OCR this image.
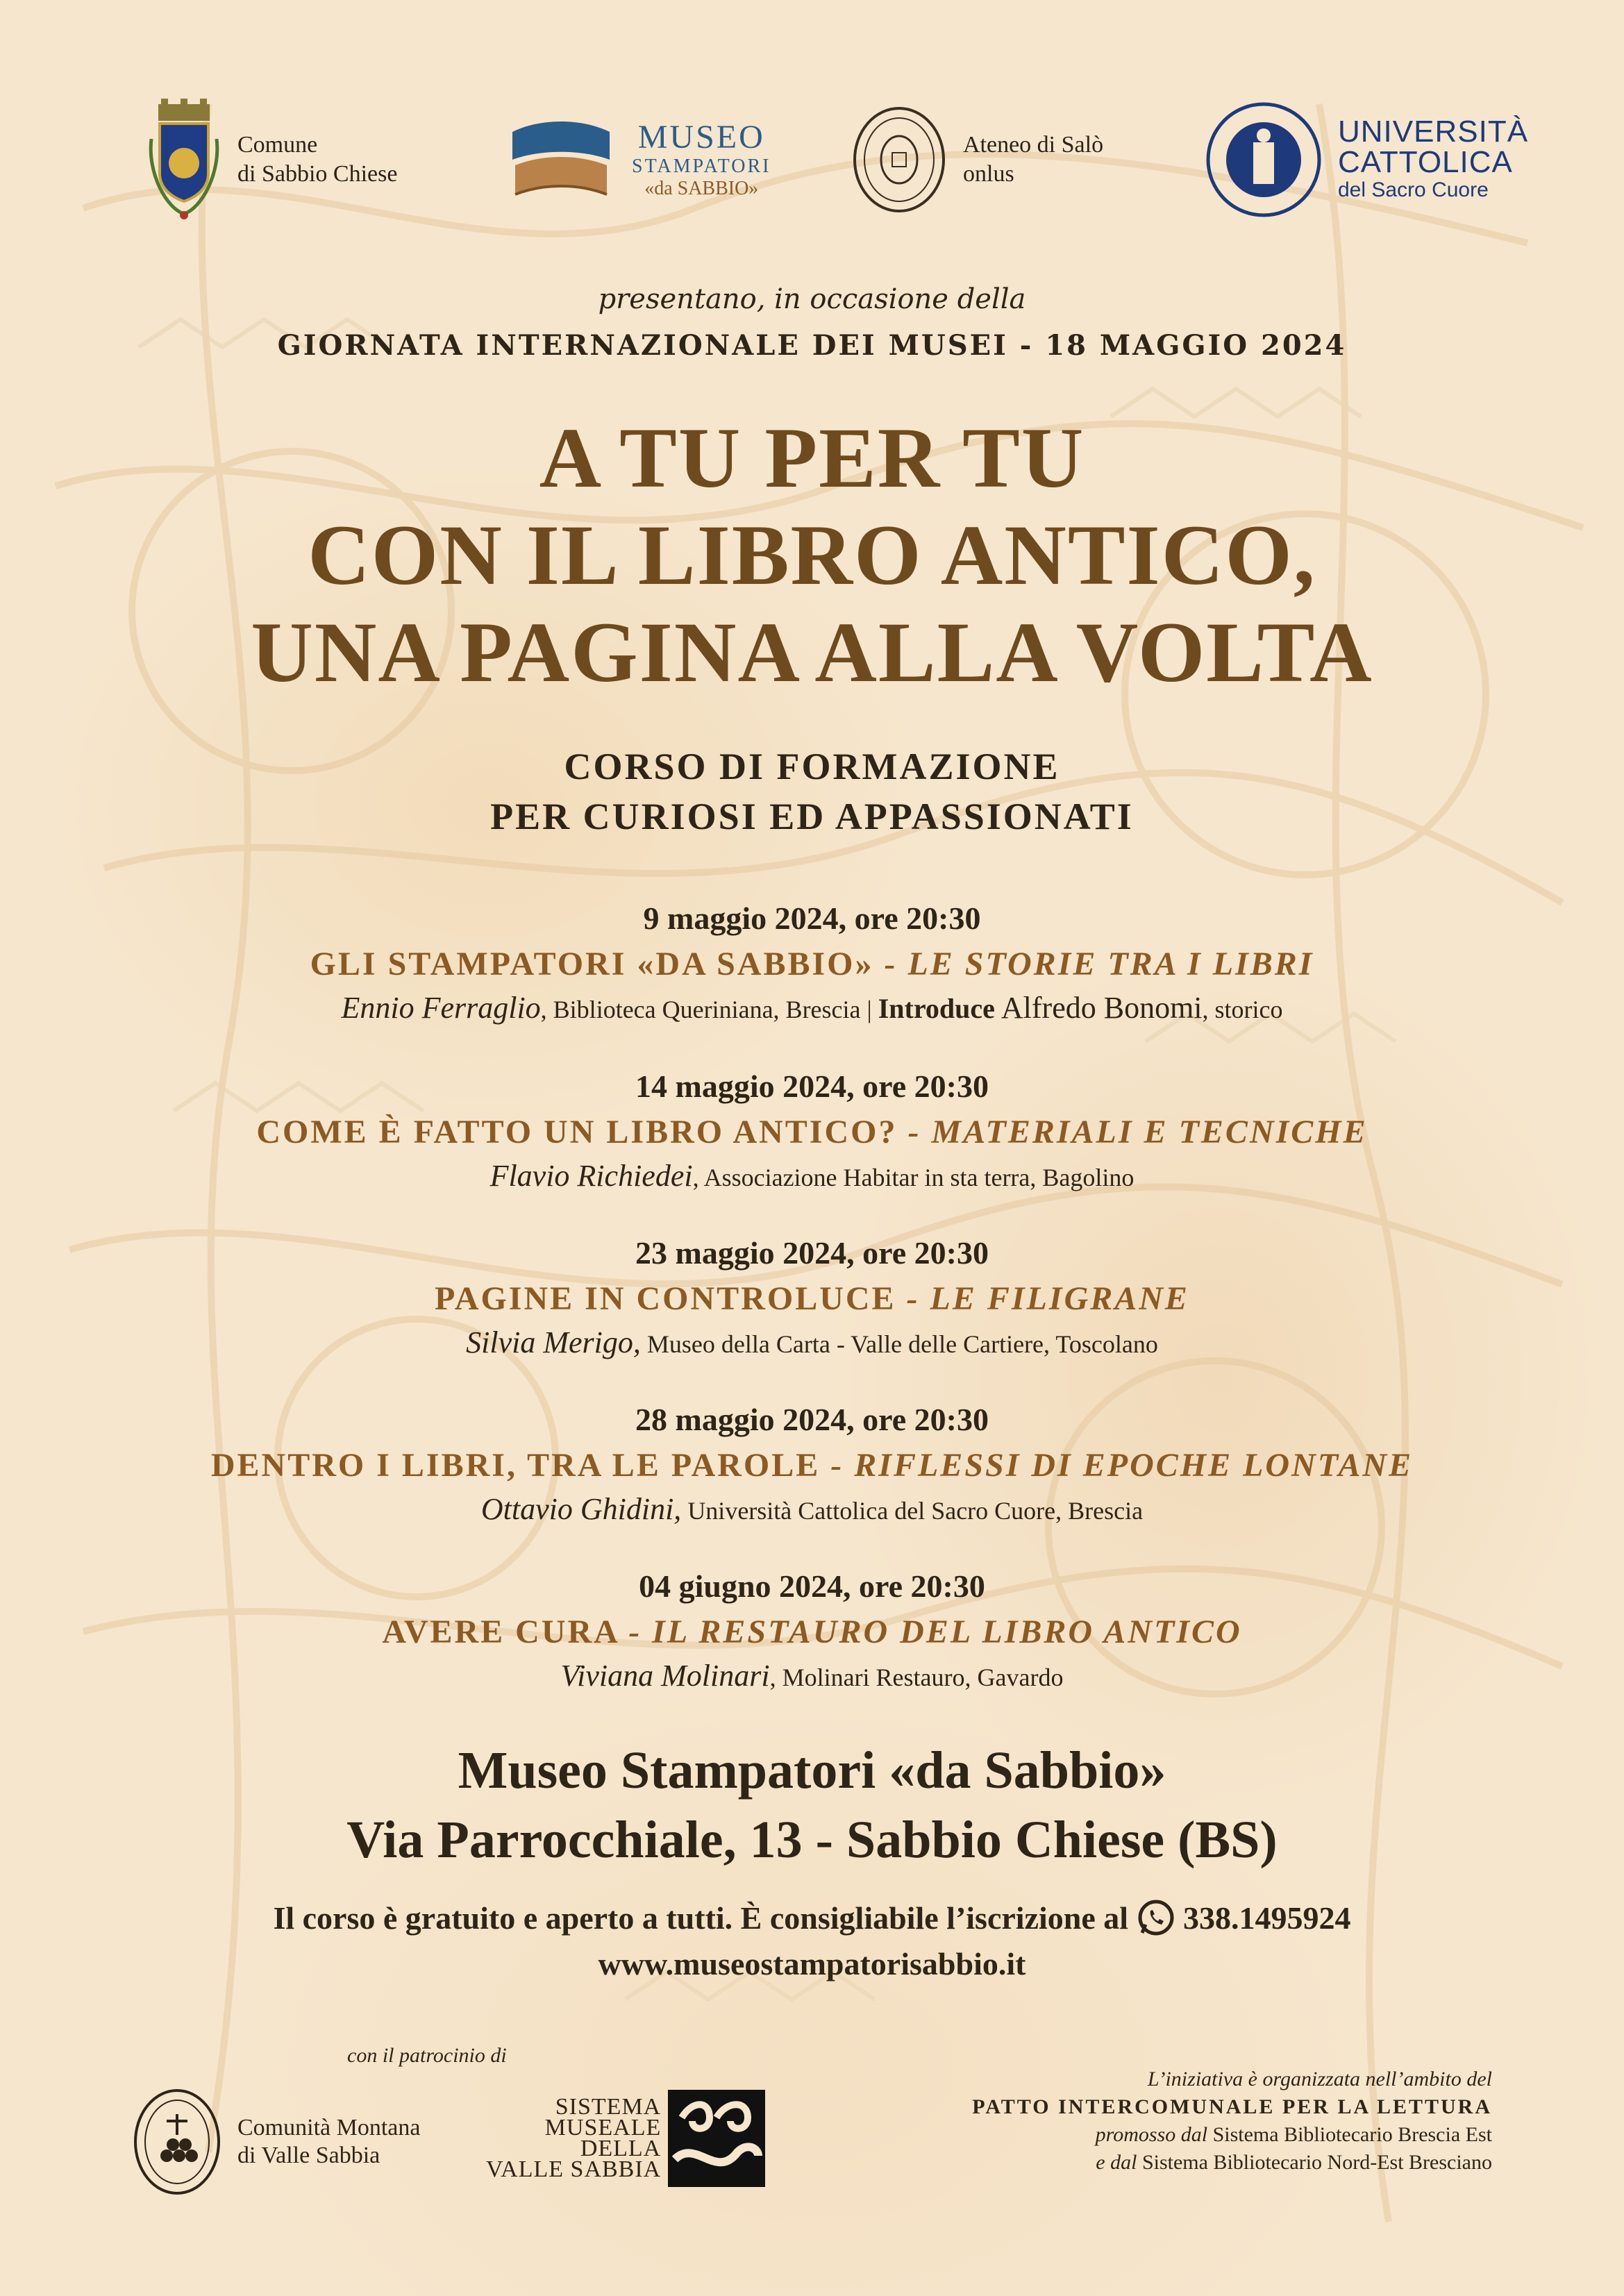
Comune
di Sabbio Chiese
MUSEO
STAMPATORI
«da SABBIO»
Ateneo di Salò
onlus
UNIVERSITÀ
CATTOLICA
del Sacro Cuore
presentano, in occasione della
GIORNATA INTERNAZIONALE DEI MUSEI - 18 MAGGIO 2024
A TU PER TU
CON IL LIBRO ANTICO,
UNA PAGINA ALLA VOLTA
CORSO DI FORMAZIONE
PER CURIOSI ED APPASSIONATI
9 maggio 2024, ore 20:30
GLI STAMPATORI «DA SABBIO» - LE STORIE TRA I LIBRI
Ennio Ferraglio, Biblioteca Queriniana, Brescia | Introduce Alfredo Bonomi, storico
14 maggio 2024, ore 20:30
COME È FATTO UN LIBRO ANTICO? - MATERIALI E TECNICHE
Flavio Richiedei, Associazione Habitar in sta terra, Bagolino
23 maggio 2024, ore 20:30
PAGINE IN CONTROLUCE - LE FILIGRANE
Silvia Merigo, Museo della Carta - Valle delle Cartiere, Toscolano
28 maggio 2024, ore 20:30
DENTRO I LIBRI, TRA LE PAROLE - RIFLESSI DI EPOCHE LONTANE
Ottavio Ghidini, Università Cattolica del Sacro Cuore, Brescia
04 giugno 2024, ore 20:30
AVERE CURA - IL RESTAURO DEL LIBRO ANTICO
Viviana Molinari, Molinari Restauro, Gavardo
Museo Stampatori «da Sabbio»
Via Parrocchiale, 13 - Sabbio Chiese (BS)
Il corso è gratuito e aperto a tutti. È consigliabile l’iscrizione al 338.1495924
www.museostampatorisabbio.it
con il patrocinio di
Comunità Montana
di Valle Sabbia
SISTEMA
MUSEALE
DELLA
VALLE SABBIA
L’iniziativa è organizzata nell’ambito del
PATTO INTERCOMUNALE PER LA LETTURA
promosso dal Sistema Bibliotecario Brescia Est
e dal Sistema Bibliotecario Nord-Est Bresciano
